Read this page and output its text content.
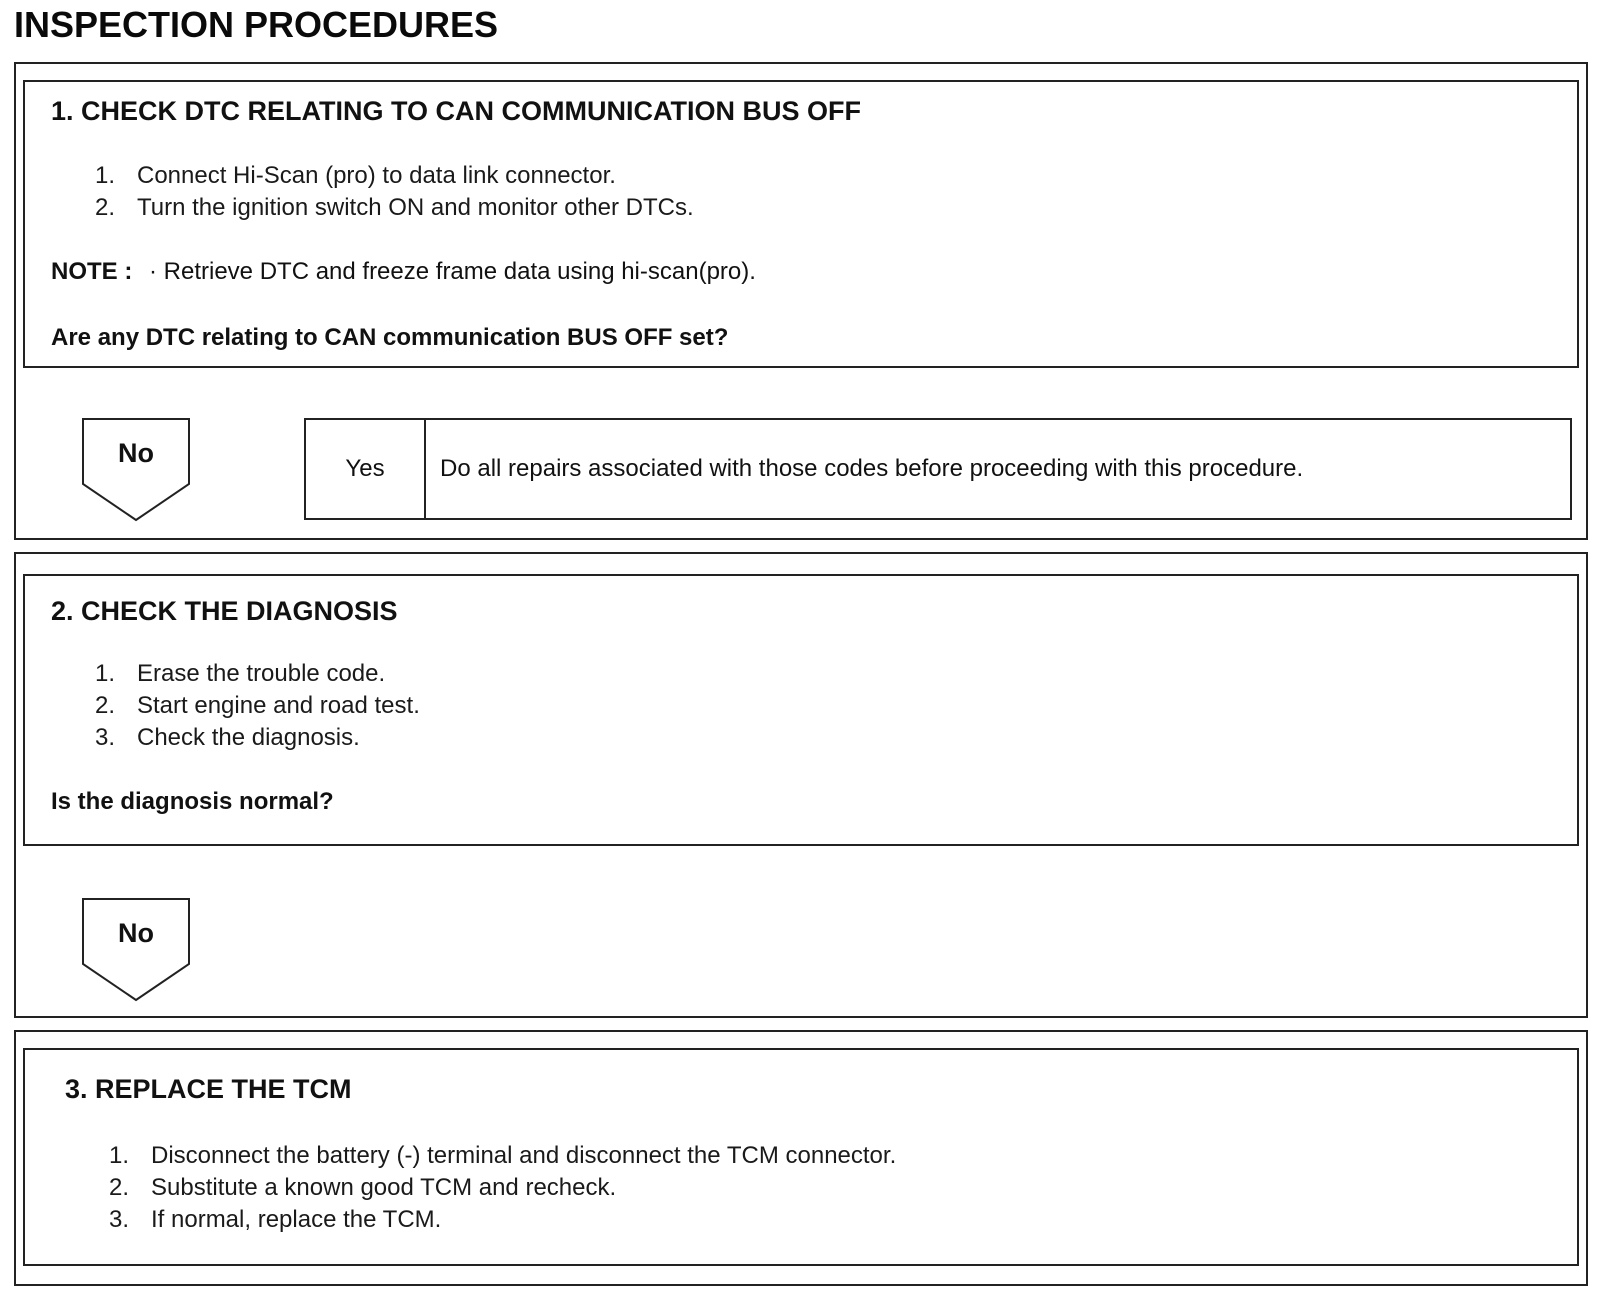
INSPECTION PROCEDURES
1. CHECK DTC RELATING TO CAN COMMUNICATION BUS OFF
1. Connect Hi-Scan (pro) to data link connector.
2. Turn the ignition switch ON and monitor other DTCs.
NOTE : · Retrieve DTC and freeze frame data using hi-scan(pro).
Are any DTC relating to CAN communication BUS OFF set?
No
Yes	Do all repairs associated with those codes before proceeding with this procedure.
2. CHECK THE DIAGNOSIS
1. Erase the trouble code.
2. Start engine and road test.
3. Check the diagnosis.
Is the diagnosis normal?
No
3. REPLACE THE TCM
1. Disconnect the battery (-) terminal and disconnect the TCM connector.
2. Substitute a known good TCM and recheck.
3. If normal, replace the TCM.
